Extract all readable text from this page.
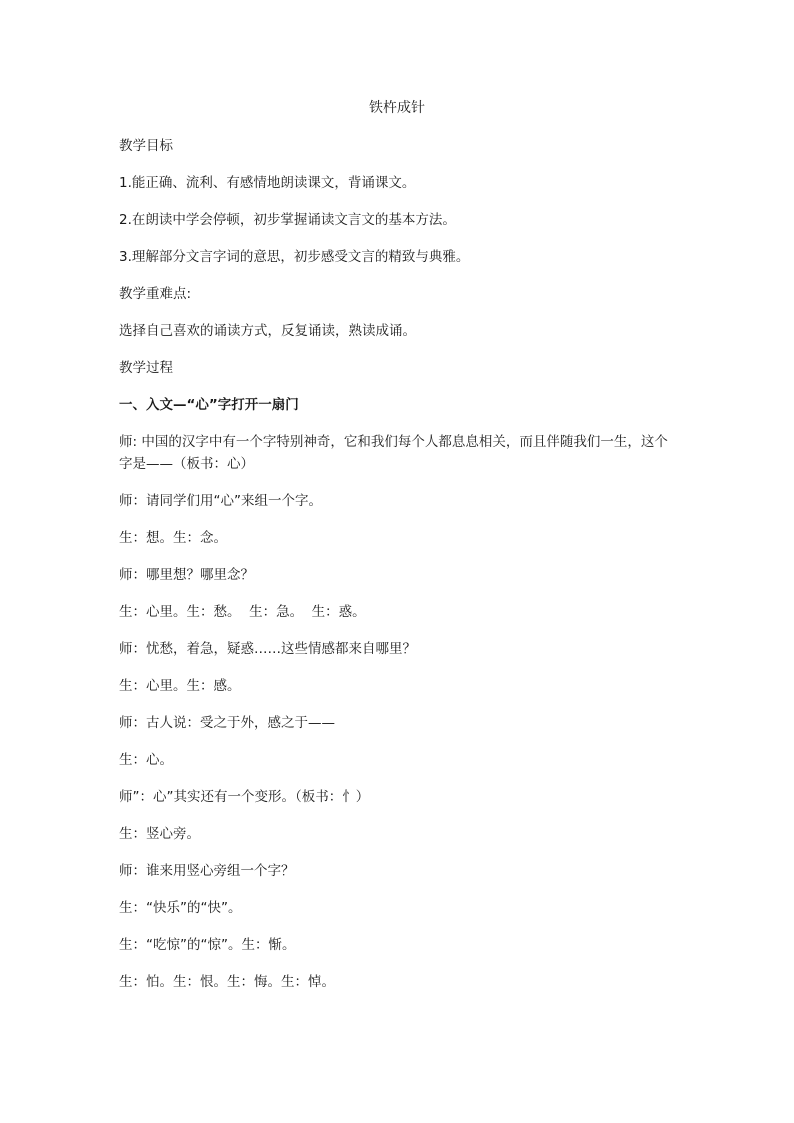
铁杵成针

教学目标

1.能正确、流利、有感情地朗读课文，背诵课文。

2.在朗读中学会停顿，初步掌握诵读文言文的基本方法。

3.理解部分文言字词的意思，初步感受文言的精致与典雅。

教学重难点:

选择自己喜欢的诵读方式，反复诵读，熟读成诵。

教学过程

一、入文—“心”字打开一扇门

师: 中国的汉字中有一个字特别神奇，它和我们每个人都息息相关，而且伴随我们一生，这个字是——（板书：心）

师：请同学们用“心”来组一个字。

生：想。生：念。

师：哪里想？哪里念？

生：心里。生：愁。  生：急。  生：惑。

师：忧愁，着急，疑惑……这些情感都来自哪里？

生：心里。生：感。

师：古人说：受之于外，感之于——

生：心。

师”：心”其实还有一个变形。（板书：忄）

生：竖心旁。

师：谁来用竖心旁组一个字？

生：“快乐”的“快”。

生：“吃惊”的“惊”。生：惭。

生：怕。生：恨。生：悔。生：悼。
